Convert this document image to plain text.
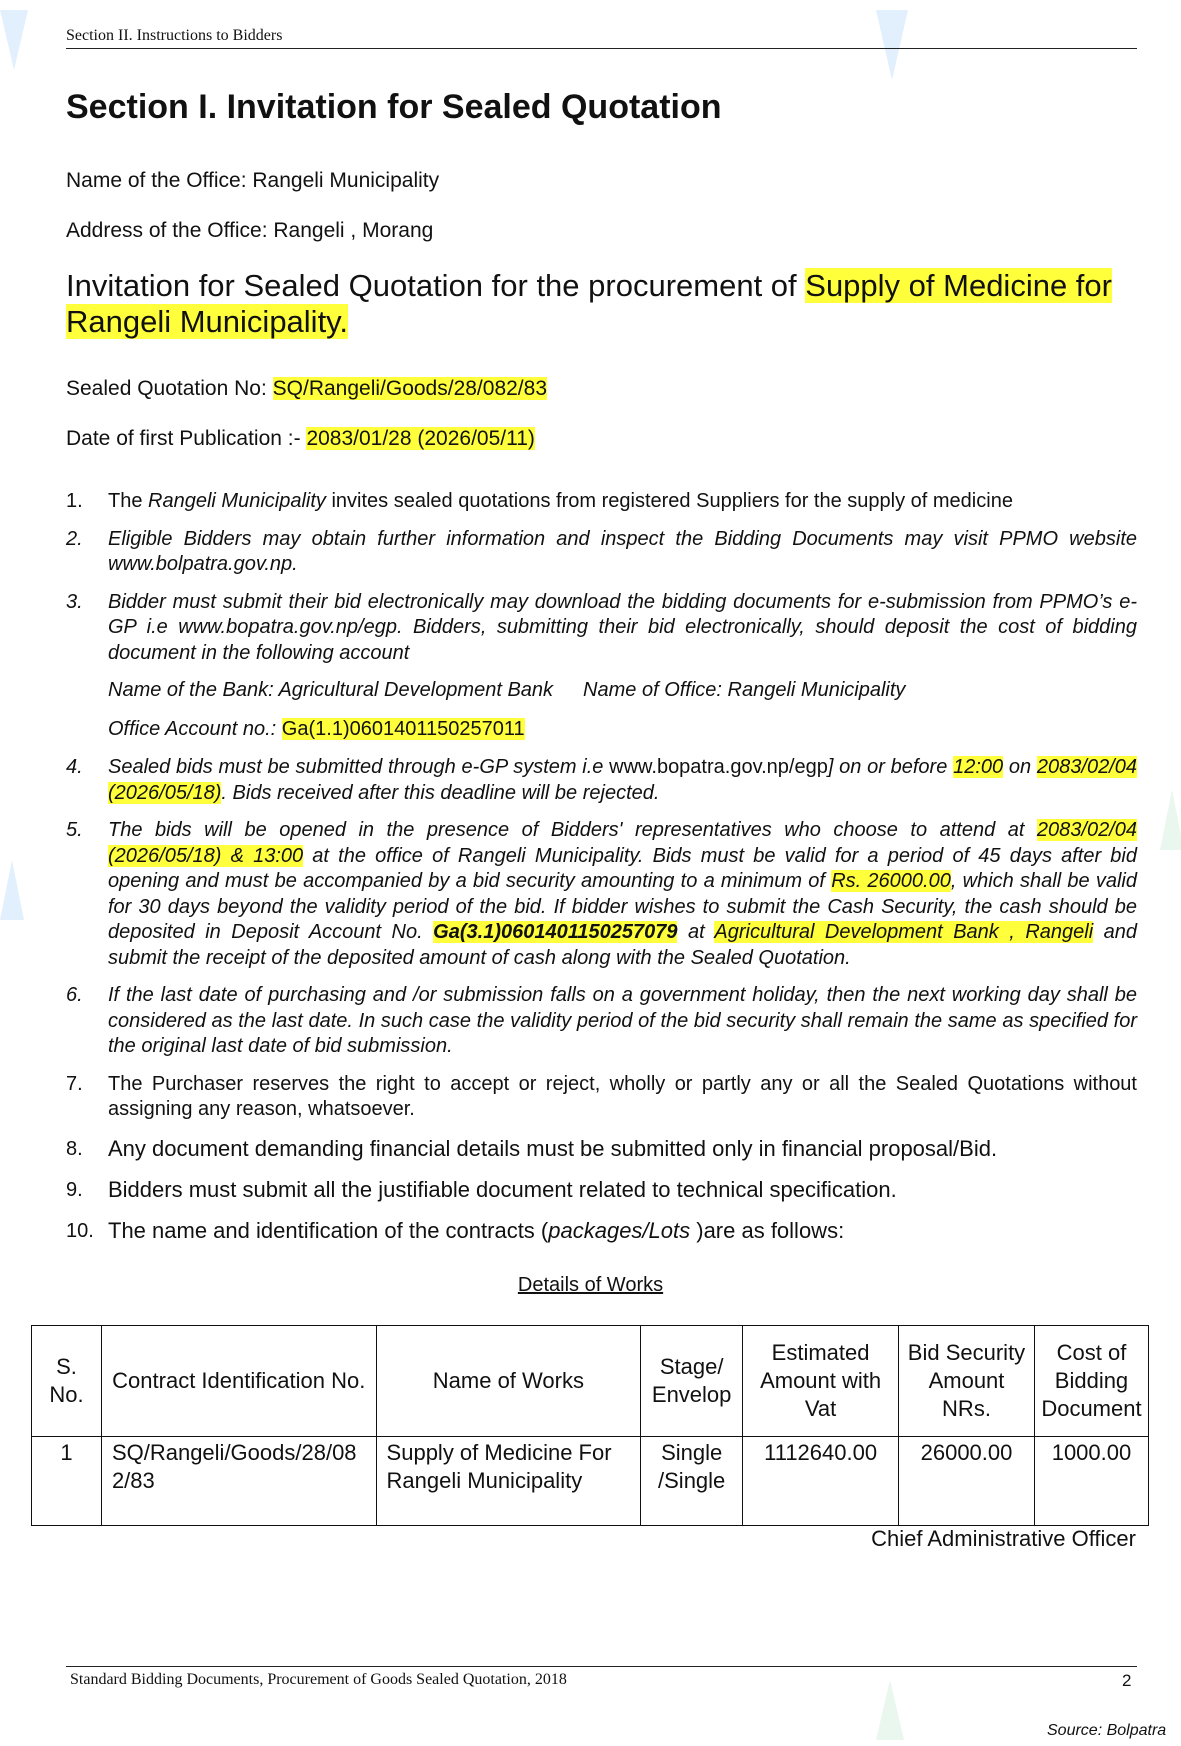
Section II. Instructions to Bidders
Section I. Invitation for Sealed Quotation
Name of the Office: Rangeli Municipality
Address of the Office: Rangeli , Morang
Invitation for Sealed Quotation for the procurement of Supply of Medicine for Rangeli Municipality.
Sealed Quotation No: SQ/Rangeli/Goods/28/082/83
Date of first Publication :- 2083/01/28 (2026/05/11)
1. The Rangeli Municipality invites sealed quotations from registered Suppliers for the supply of medicine
2. Eligible Bidders may obtain further information and inspect the Bidding Documents may visit PPMO website www.bolpatra.gov.np.
3. Bidder must submit their bid electronically may download the bidding documents for e-submission from PPMO’s e-GP i.e www.bopatra.gov.np/egp. Bidders, submitting their bid electronically, should deposit the cost of bidding document in the following account
Name of the Bank: Agricultural Development Bank Name of Office: Rangeli Municipality
Office Account no.: Ga(1.1)0601401150257011
4. Sealed bids must be submitted through e-GP system i.e www.bopatra.gov.np/egp] on or before 12:00 on 2083/02/04 (2026/05/18). Bids received after this deadline will be rejected.
5. The bids will be opened in the presence of Bidders' representatives who choose to attend at 2083/02/04 (2026/05/18) & 13:00 at the office of Rangeli Municipality. Bids must be valid for a period of 45 days after bid opening and must be accompanied by a bid security amounting to a minimum of Rs. 26000.00, which shall be valid for 30 days beyond the validity period of the bid. If bidder wishes to submit the Cash Security, the cash should be deposited in Deposit Account No. Ga(3.1)0601401150257079 at Agricultural Development Bank , Rangeli and submit the receipt of the deposited amount of cash along with the Sealed Quotation.
6. If the last date of purchasing and /or submission falls on a government holiday, then the next working day shall be considered as the last date. In such case the validity period of the bid security shall remain the same as specified for the original last date of bid submission.
7. The Purchaser reserves the right to accept or reject, wholly or partly any or all the Sealed Quotations without assigning any reason, whatsoever.
8. Any document demanding financial details must be submitted only in financial proposal/Bid.
9. Bidders must submit all the justifiable document related to technical specification.
10. The name and identification of the contracts (packages/Lots )are as follows:
Details of Works
S. No.	Contract Identification No.	Name of Works	Stage/ Envelop	Estimated Amount with Vat	Bid Security Amount NRs.	Cost of Bidding Document
1	SQ/Rangeli/Goods/28/082/83	Supply of Medicine For Rangeli Municipality	Single /Single	1112640.00	26000.00	1000.00
Chief Administrative Officer
Standard Bidding Documents, Procurement of Goods Sealed Quotation, 2018	2
Source: Bolpatra
